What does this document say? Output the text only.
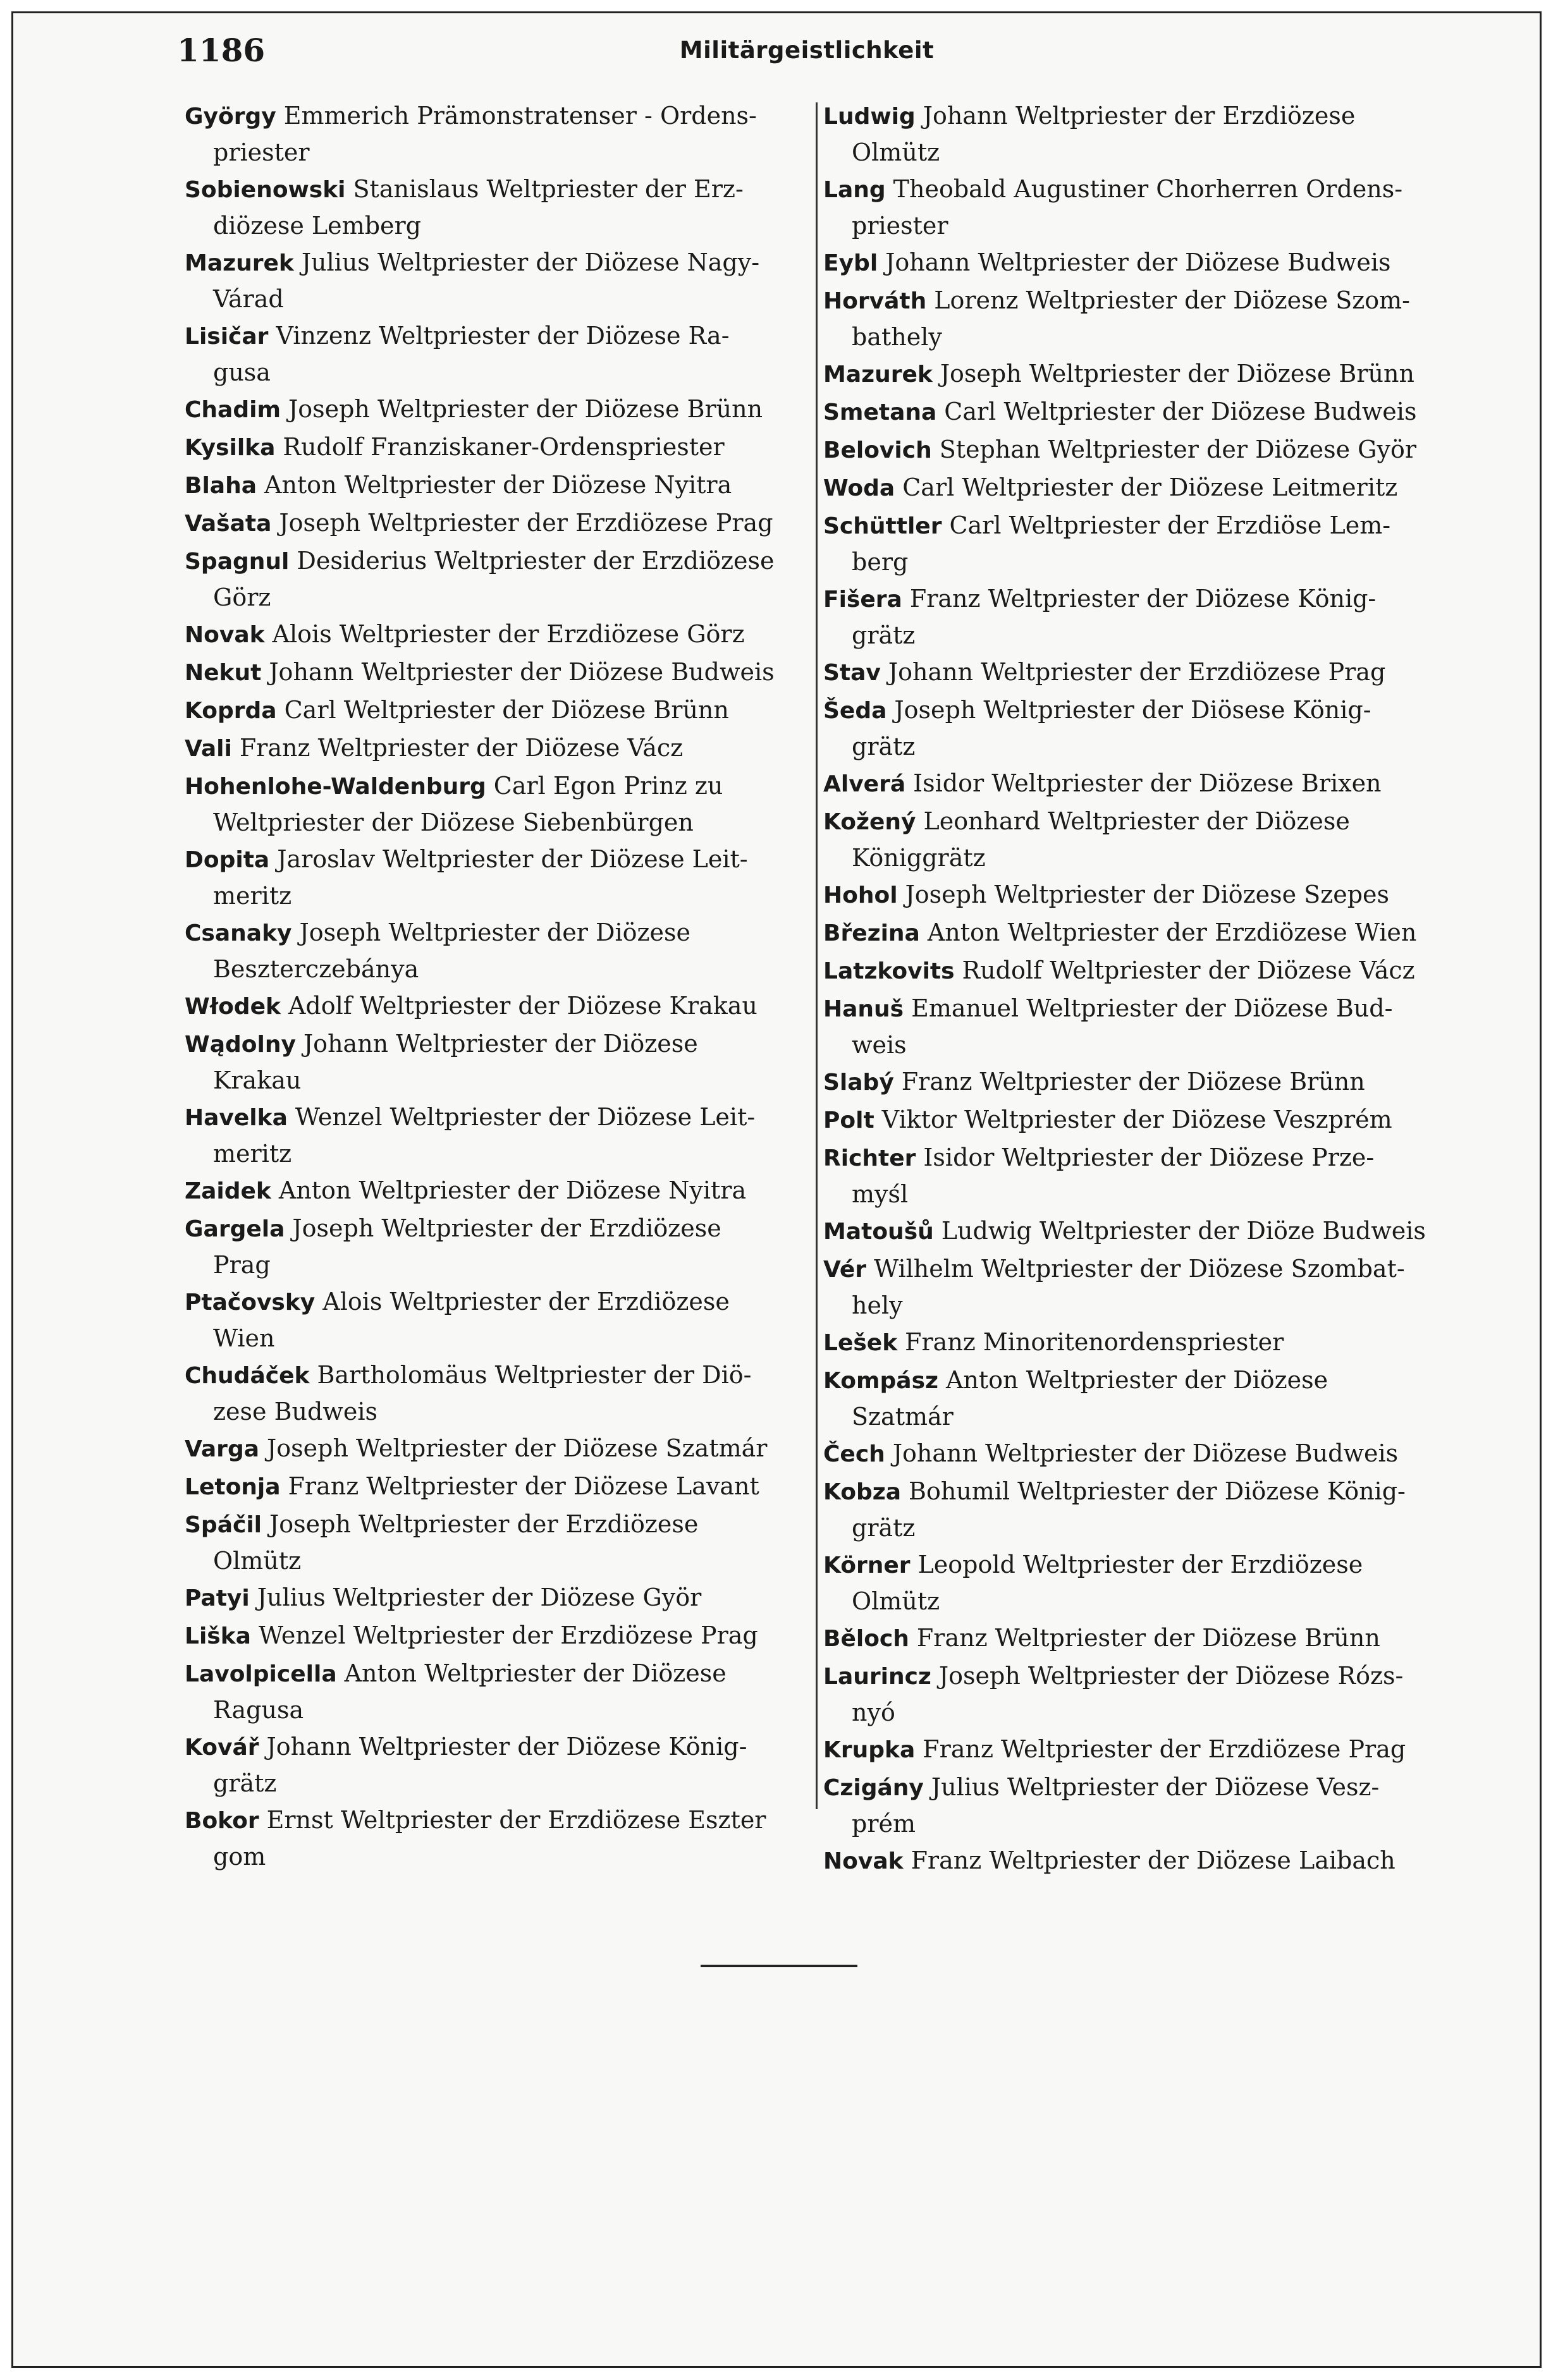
1186	Militärgeistlichkeit
György Emmerich Prämonstratenser - Ordens-
priester
Sobienowski Stanislaus Weltpriester der Erz-
diözese Lemberg
Mazurek Julius Weltpriester der Diözese Nagy-
Várad
Lisičar Vinzenz Weltpriester der Diözese Ra-
gusa
Chadim Joseph Weltpriester der Diözese Brünn
Kysilka Rudolf Franziskaner-Ordenspriester
Blaha Anton Weltpriester der Diözese Nyitra
Vašata Joseph Weltpriester der Erzdiözese Prag
Spagnul Desiderius Weltpriester der Erzdiözese
Görz
Novak Alois Weltpriester der Erzdiözese Görz
Nekut Johann Weltpriester der Diözese Budweis
Koprda Carl Weltpriester der Diözese Brünn
Vali Franz Weltpriester der Diözese Vácz
Hohenlohe-Waldenburg Carl Egon Prinz zu
Weltpriester der Diözese Siebenbürgen
Dopita Jaroslav Weltpriester der Diözese Leit-
meritz
Csanaky Joseph Weltpriester der Diözese
Beszterczebánya
Włodek Adolf Weltpriester der Diözese Krakau
Wądolny Johann Weltpriester der Diözese
Krakau
Havelka Wenzel Weltpriester der Diözese Leit-
meritz
Zaidek Anton Weltpriester der Diözese Nyitra
Gargela Joseph Weltpriester der Erzdiözese
Prag
Ptačovsky Alois Weltpriester der Erzdiözese
Wien
Chudáček Bartholomäus Weltpriester der Diö-
zese Budweis
Varga Joseph Weltpriester der Diözese Szatmár
Letonja Franz Weltpriester der Diözese Lavant
Spáčil Joseph Weltpriester der Erzdiözese
Olmütz
Patyi Julius Weltpriester der Diözese Györ
Liška Wenzel Weltpriester der Erzdiözese Prag
Lavolpicella Anton Weltpriester der Diözese
Ragusa
Kovář Johann Weltpriester der Diözese König-
grätz
Bokor Ernst Weltpriester der Erzdiözese Eszter
gom
Ludwig Johann Weltpriester der Erzdiözese
Olmütz
Lang Theobald Augustiner Chorherren Ordens-
priester
Eybl Johann Weltpriester der Diözese Budweis
Horváth Lorenz Weltpriester der Diözese Szom-
bathely
Mazurek Joseph Weltpriester der Diözese Brünn
Smetana Carl Weltpriester der Diözese Budweis
Belovich Stephan Weltpriester der Diözese Györ
Woda Carl Weltpriester der Diözese Leitmeritz
Schüttler Carl Weltpriester der Erzdiöse Lem-
berg
Fišera Franz Weltpriester der Diözese König-
grätz
Stav Johann Weltpriester der Erzdiözese Prag
Šeda Joseph Weltpriester der Diösese König-
grätz
Alverá Isidor Weltpriester der Diözese Brixen
Kožený Leonhard Weltpriester der Diözese
Königgrätz
Hohol Joseph Weltpriester der Diözese Szepes
Březina Anton Weltpriester der Erzdiözese Wien
Latzkovits Rudolf Weltpriester der Diözese Vácz
Hanuš Emanuel Weltpriester der Diözese Bud-
weis
Slabý Franz Weltpriester der Diözese Brünn
Polt Viktor Weltpriester der Diözese Veszprém
Richter Isidor Weltpriester der Diözese Prze-
myśl
Matoušů Ludwig Weltpriester der Diöze Budweis
Vér Wilhelm Weltpriester der Diözese Szombat-
hely
Lešek Franz Minoritenordenspriester
Kompász Anton Weltpriester der Diözese
Szatmár
Čech Johann Weltpriester der Diözese Budweis
Kobza Bohumil Weltpriester der Diözese König-
grätz
Körner Leopold Weltpriester der Erzdiözese
Olmütz
Běloch Franz Weltpriester der Diözese Brünn
Laurincz Joseph Weltpriester der Diözese Rózs-
nyó
Krupka Franz Weltpriester der Erzdiözese Prag
Czigány Julius Weltpriester der Diözese Vesz-
prém
Novak Franz Weltpriester der Diözese Laibach
